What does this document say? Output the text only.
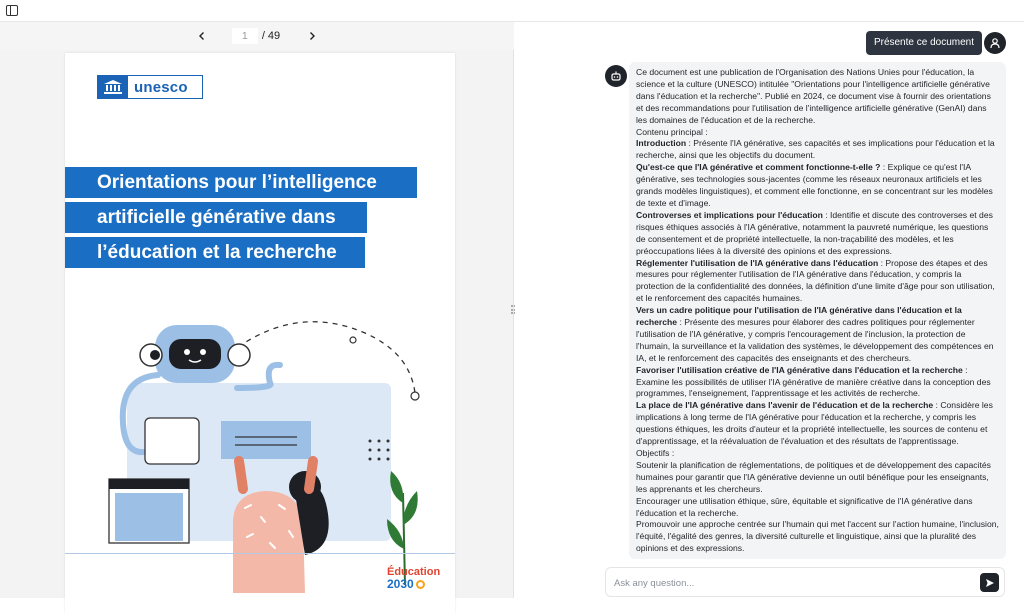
1
/ 49
unesco
Orientations pour l’intelligence
artificielle générative dans
l’éducation et la recherche
Éducation
2030
Présente ce document

Ce document est une publication de l'Organisation des Nations Unies pour l'éducation, la science et la culture (UNESCO) intitulée "Orientations pour l'intelligence artificielle générative dans l'éducation et la recherche". Publié en 2024, ce document vise à fournir des orientations et des recommandations pour l'utilisation de l'intelligence artificielle générative (GenAI) dans les domaines de l'éducation et de la recherche.

Contenu principal :

Introduction : Présente l'IA générative, ses capacités et ses implications pour l'éducation et la recherche, ainsi que les objectifs du document.

Qu'est-ce que l'IA générative et comment fonctionne-t-elle ? : Explique ce qu'est l'IA générative, ses technologies sous-jacentes (comme les réseaux neuronaux artificiels et les grands modèles linguistiques), et comment elle fonctionne, en se concentrant sur les modèles de texte et d'image.

Controverses et implications pour l'éducation : Identifie et discute des controverses et des risques éthiques associés à l'IA générative, notamment la pauvreté numérique, les questions de consentement et de propriété intellectuelle, la non-traçabilité des modèles, et les préoccupations liées à la diversité des opinions et des expressions.

Réglementer l'utilisation de l'IA générative dans l'éducation : Propose des étapes et des mesures pour réglementer l'utilisation de l'IA générative dans l'éducation, y compris la protection de la confidentialité des données, la définition d'une limite d'âge pour son utilisation, et le renforcement des capacités humaines.

Vers un cadre politique pour l'utilisation de l'IA générative dans l'éducation et la recherche : Présente des mesures pour élaborer des cadres politiques pour réglementer l'utilisation de l'IA générative, y compris l'encouragement de l'inclusion, la protection de l'humain, la surveillance et la validation des systèmes, le développement des compétences en IA, et le renforcement des capacités des enseignants et des chercheurs.

Favoriser l'utilisation créative de l'IA générative dans l'éducation et la recherche : Examine les possibilités de utiliser l'IA générative de manière créative dans la conception des programmes, l'enseignement, l'apprentissage et les activités de recherche.

La place de l'IA générative dans l'avenir de l'éducation et de la recherche : Considère les implications à long terme de l'IA générative pour l'éducation et la recherche, y compris les questions éthiques, les droits d'auteur et la propriété intellectuelle, les sources de contenu et d'apprentissage, et la réévaluation de l'évaluation et des résultats de l'apprentissage.

Objectifs :

Soutenir la planification de réglementations, de politiques et de développement des capacités humaines pour garantir que l'IA générative devienne un outil bénéfique pour les enseignants, les apprenants et les chercheurs.

Encourager une utilisation éthique, sûre, équitable et significative de l'IA générative dans l'éducation et la recherche.

Promouvoir une approche centrée sur l'humain qui met l'accent sur l'action humaine, l'inclusion, l'équité, l'égalité des genres, la diversité culturelle et linguistique, ainsi que la pluralité des opinions et des expressions.

Ask any question...
